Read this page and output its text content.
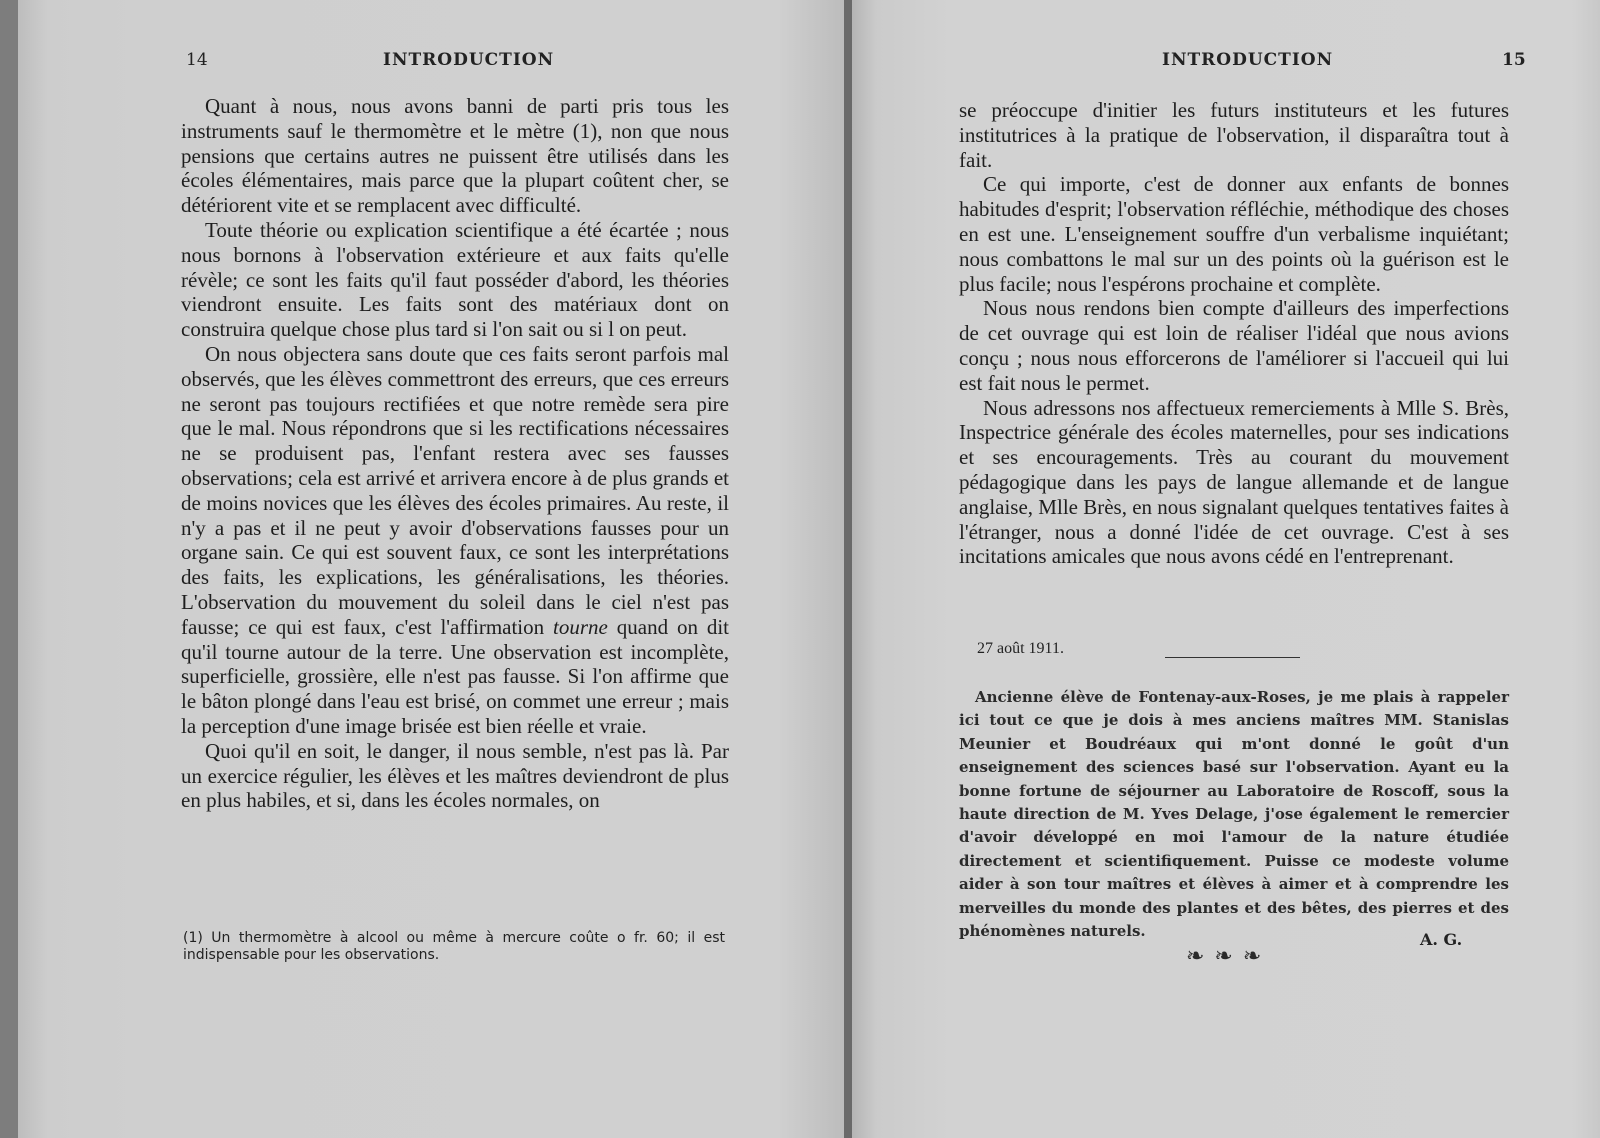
14	INTRODUCTION

Quant à nous, nous avons banni de parti pris tous les instruments sauf le thermomètre et le mètre (1), non que nous pensions que certains autres ne puissent être utilisés dans les écoles élémentaires, mais parce que la plupart coûtent cher, se détériorent vite et se remplacent avec difficulté.

Toute théorie ou explication scientifique a été écartée ; nous nous bornons à l'observation extérieure et aux faits qu'elle révèle; ce sont les faits qu'il faut posséder d'abord, les théories viendront ensuite. Les faits sont des matériaux dont on construira quelque chose plus tard si l'on sait ou si l on peut.

On nous objectera sans doute que ces faits seront parfois mal observés, que les élèves commettront des erreurs, que ces erreurs ne seront pas toujours rectifiées et que notre remède sera pire que le mal. Nous répondrons que si les rectifications nécessaires ne se produisent pas, l'enfant restera avec ses fausses observations; cela est arrivé et arrivera encore à de plus grands et de moins novices que les élèves des écoles primaires. Au reste, il n'y a pas et il ne peut y avoir d'observations fausses pour un organe sain. Ce qui est souvent faux, ce sont les interprétations des faits, les explications, les généralisations, les théories. L'observation du mouvement du soleil dans le ciel n'est pas fausse; ce qui est faux, c'est l'affirmation tourne quand on dit qu'il tourne autour de la terre. Une observation est incomplète, superficielle, grossière, elle n'est pas fausse. Si l'on affirme que le bâton plongé dans l'eau est brisé, on commet une erreur ; mais la perception d'une image brisée est bien réelle et vraie.

Quoi qu'il en soit, le danger, il nous semble, n'est pas là. Par un exercice régulier, les élèves et les maîtres deviendront de plus en plus habiles, et si, dans les écoles normales, on

(1) Un thermomètre à alcool ou même à mercure coûte o fr. 60; il est indispensable pour les observations.
INTRODUCTION	15

se préoccupe d'initier les futurs instituteurs et les futures institutrices à la pratique de l'observation, il disparaîtra tout à fait.

Ce qui importe, c'est de donner aux enfants de bonnes habitudes d'esprit; l'observation réfléchie, méthodique des choses en est une. L'enseignement souffre d'un verbalisme inquiétant; nous combattons le mal sur un des points où la guérison est le plus facile; nous l'espérons prochaine et complète.

Nous nous rendons bien compte d'ailleurs des imperfections de cet ouvrage qui est loin de réaliser l'idéal que nous avions conçu ; nous nous efforcerons de l'améliorer si l'accueil qui lui est fait nous le permet.

Nous adressons nos affectueux remerciements à Mlle S. Brès, Inspectrice générale des écoles maternelles, pour ses indications et ses encouragements. Très au courant du mouvement pédagogique dans les pays de langue allemande et de langue anglaise, Mlle Brès, en nous signalant quelques tentatives faites à l'étranger, nous a donné l'idée de cet ouvrage. C'est à ses incitations amicales que nous avons cédé en l'entreprenant.

27 août 1911.

Ancienne élève de Fontenay-aux-Roses, je me plais à rappeler ici tout ce que je dois à mes anciens maîtres MM. Stanislas Meunier et Boudréaux qui m'ont donné le goût d'un enseignement des sciences basé sur l'observation. Ayant eu la bonne fortune de séjourner au Laboratoire de Roscoff, sous la haute direction de M. Yves Delage, j'ose également le remercier d'avoir développé en moi l'amour de la nature étudiée directement et scientifiquement. Puisse ce modeste volume aider à son tour maîtres et élèves à aimer et à comprendre les merveilles du monde des plantes et des bêtes, des pierres et des phénomènes naturels.	A. G.
❧❧❧
